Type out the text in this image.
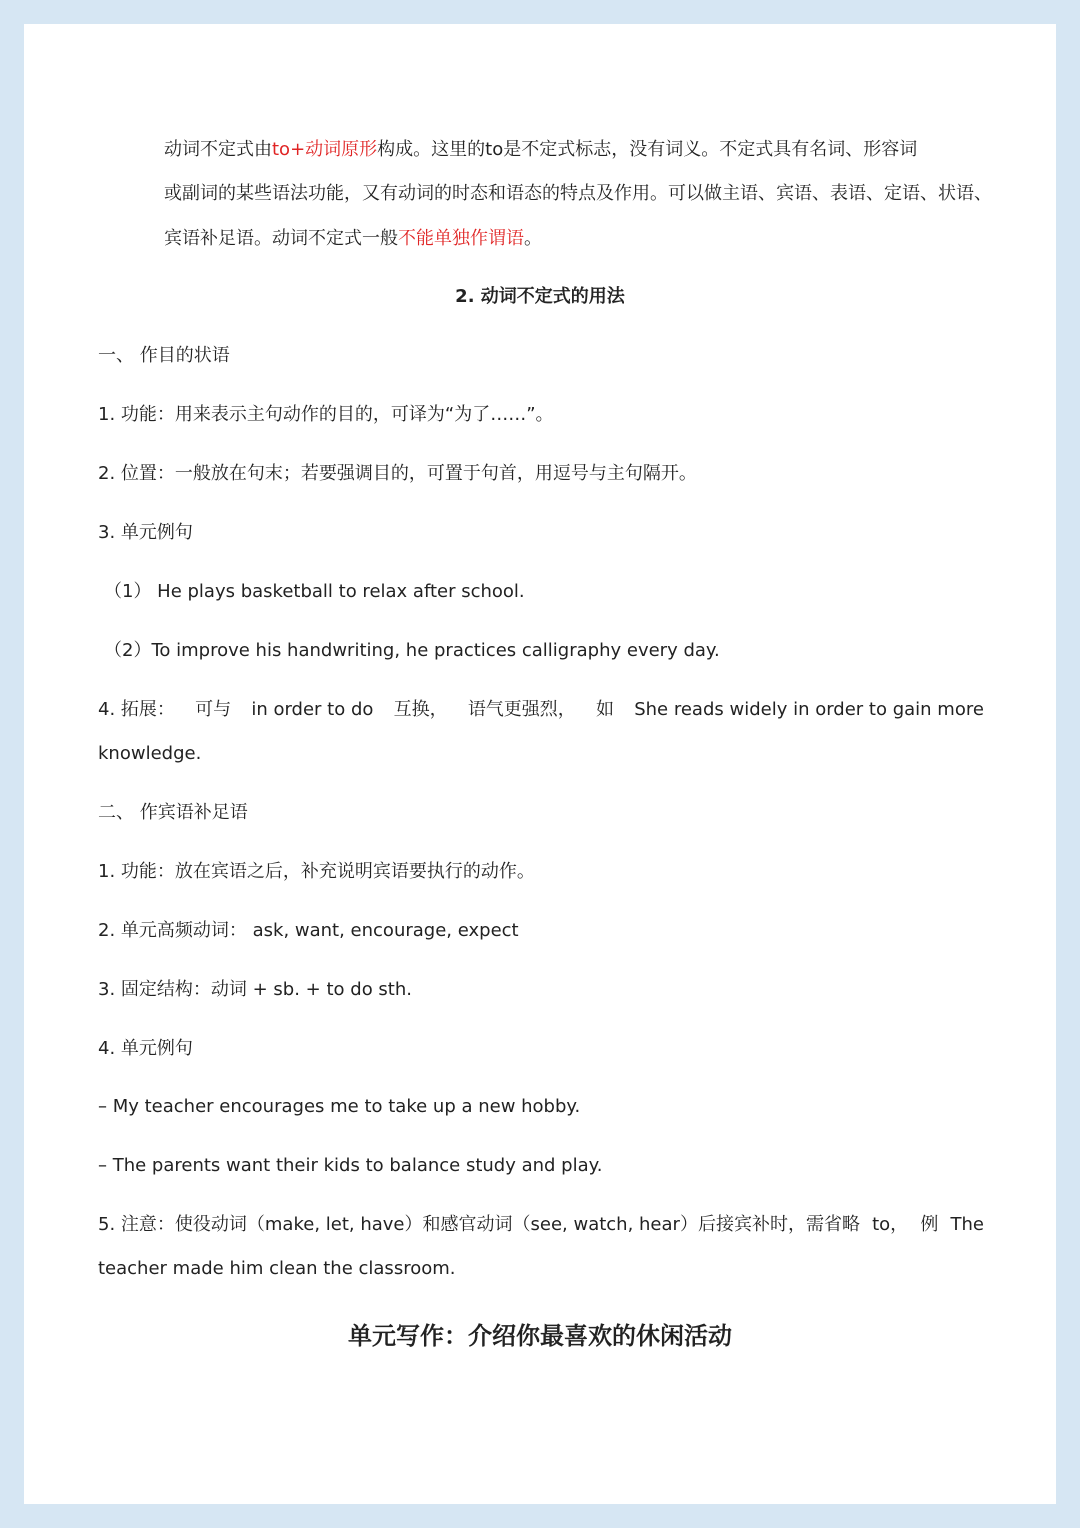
动词不定式由to+动词原形构成。这里的to是不定式标志，没有词义。不定式具有名词、形容词
或副词的某些语法功能，又有动词的时态和语态的特点及作用。可以做主语、宾语、表语、定语、状语、
宾语补足语。动词不定式一般不能单独作谓语。
2. 动词不定式的用法
一、 作目的状语
1. 功能：用来表示主句动作的目的，可译为“为了……”。
2. 位置：一般放在句末；若要强调目的，可置于句首，用逗号与主句隔开。
3. 单元例句
（1） He plays basketball to relax after school.
（2）To improve his handwriting, he practices calligraphy every day.
4. 拓展： 可与 in order to do 互换， 语气更强烈， 如 She reads widely in order to gain more
knowledge.
二、 作宾语补足语
1. 功能：放在宾语之后，补充说明宾语要执行的动作。
2. 单元高频动词： ask, want, encourage, expect
3. 固定结构：动词 + sb. + to do sth.
4. 单元例句
– My teacher encourages me to take up a new hobby.
– The parents want their kids to balance study and play.
5. 注意：使役动词（make, let, have）和感官动词（see, watch, hear）后接宾补时，需省略 to， 例 The
teacher made him clean the classroom.
单元写作：介绍你最喜欢的休闲活动
